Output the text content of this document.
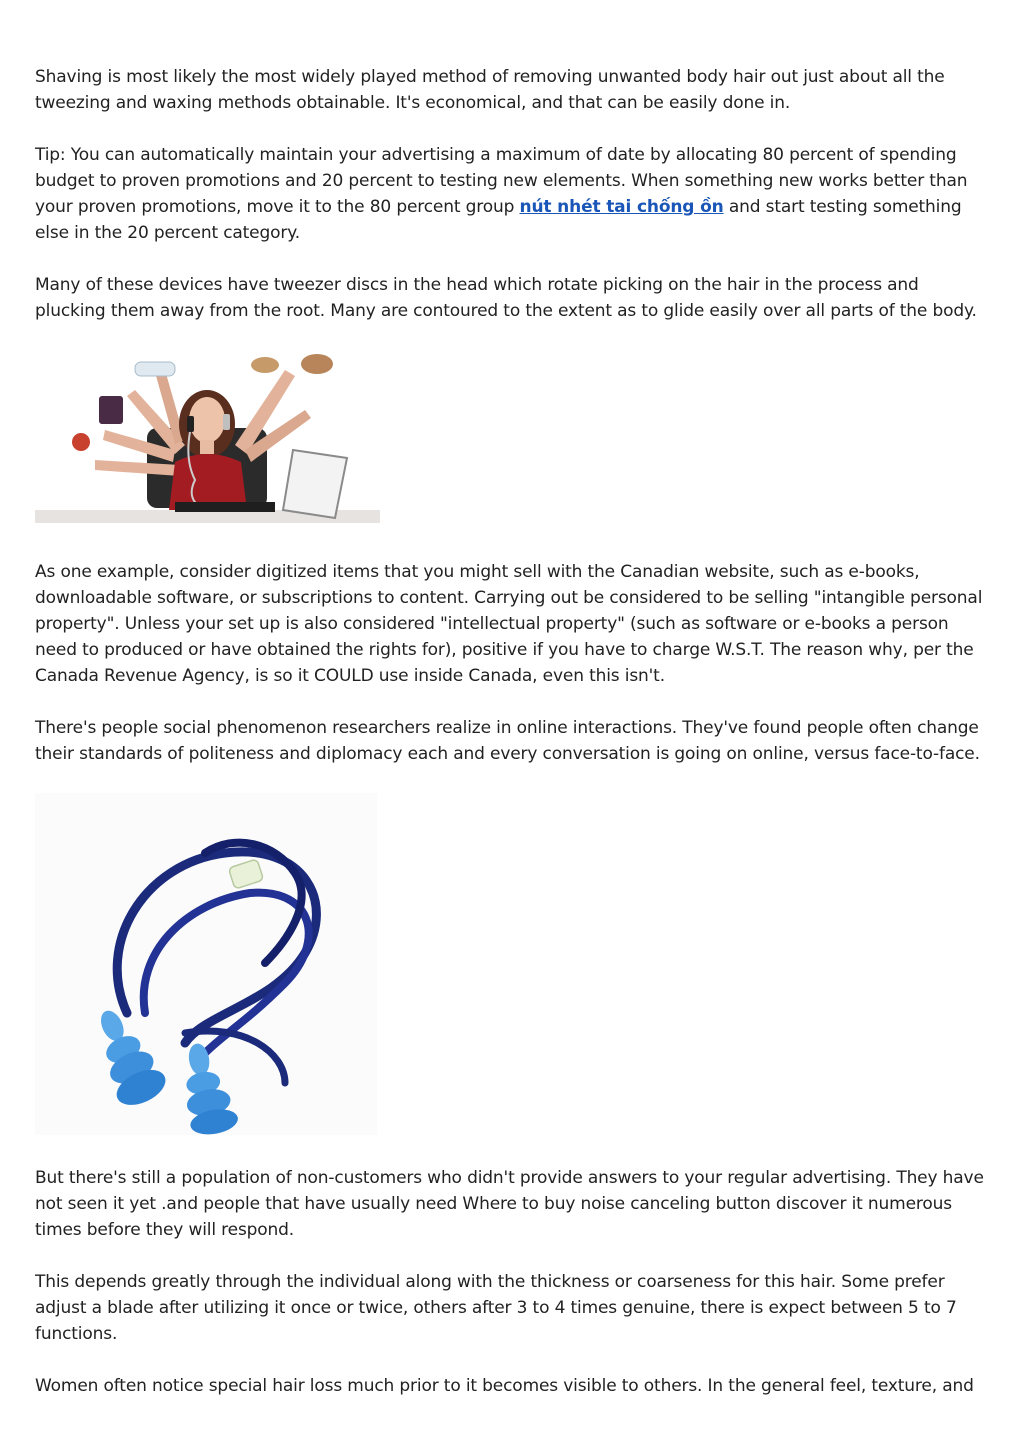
Shaving is most likely the most widely played method of removing unwanted body hair out just about all the tweezing and waxing methods obtainable. It's economical, and that can be easily done in.

Tip: You can automatically maintain your advertising a maximum of date by allocating 80 percent of spending budget to proven promotions and 20 percent to testing new elements. When something new works better than your proven promotions, move it to the 80 percent group nút nhét tai chống ồn and start testing something else in the 20 percent category.

Many of these devices have tweezer discs in the head which rotate picking on the hair in the process and plucking them away from the root. Many are contoured to the extent as to glide easily over all parts of the body.

As one example, consider digitized items that you might sell with the Canadian website, such as e-books, downloadable software, or subscriptions to content. Carrying out be considered to be selling "intangible personal property". Unless your set up is also considered "intellectual property" (such as software or e-books a person need to produced or have obtained the rights for), positive if you have to charge W.S.T. The reason why, per the Canada Revenue Agency, is so it COULD use inside Canada, even this isn't.

There's people social phenomenon researchers realize in online interactions. They've found people often change their standards of politeness and diplomacy each and every conversation is going on online, versus face-to-face.

But there's still a population of non-customers who didn't provide answers to your regular advertising. They have not seen it yet .and people that have usually need Where to buy noise canceling button discover it numerous times before they will respond.

This depends greatly through the individual along with the thickness or coarseness for this hair. Some prefer adjust a blade after utilizing it once or twice, others after 3 to 4 times genuine, there is expect between 5 to 7 functions.

Women often notice special hair loss much prior to it becomes visible to others. In the general feel, texture, and
